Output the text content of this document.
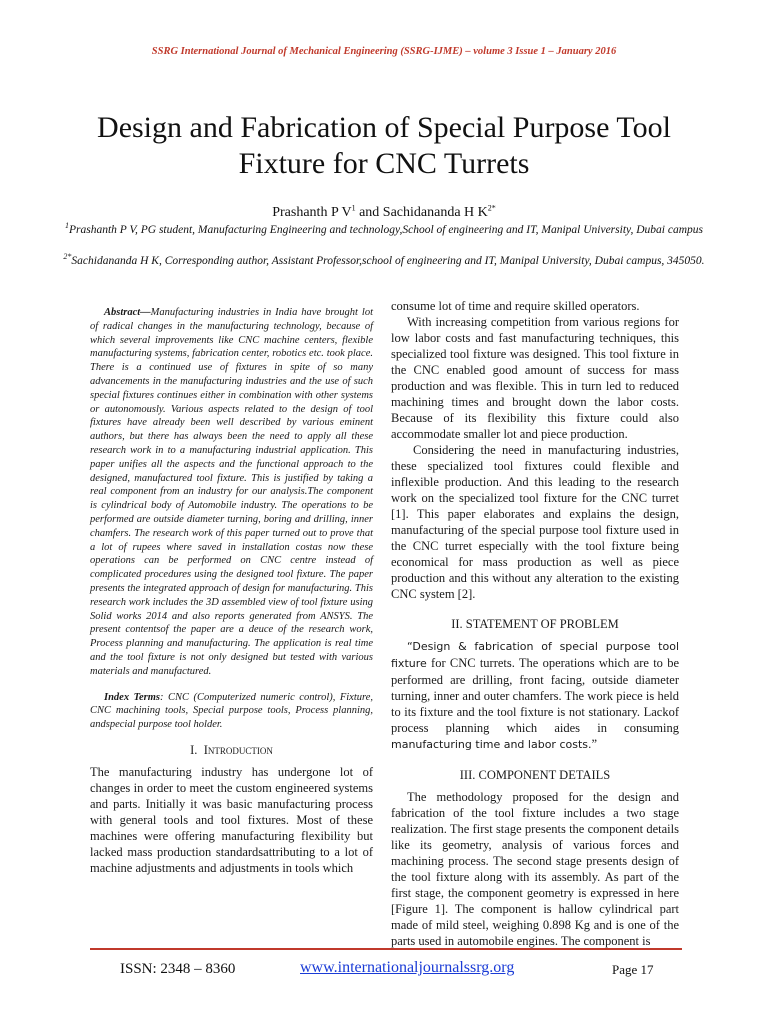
SSRG International Journal of Mechanical Engineering (SSRG-IJME) – volume 3 Issue 1 – January 2016
Design and Fabrication of Special Purpose Tool
Fixture for CNC Turrets
Prashanth P $V^1$ and Sachidananda H $K^{2*}$
$^1$Prashanth P V, PG student, Manufacturing Engineering and technology,School of engineering and IT, Manipal University, Dubai campus
$^{2*}$Sachidananda H K, Corresponding author, Assistant Professor,school of engineering and IT, Manipal University, Dubai campus, 345050.

Abstract—Manufacturing industries in India have brought lot of radical changes in the manufacturing technology, because of which several improvements like CNC machine centers, flexible manufacturing systems, fabrication center, robotics etc. took place. There is a continued use of fixtures in spite of so many advancements in the manufacturing industries and the use of such special fixtures continues either in combination with other systems or autonomously. Various aspects related to the design of tool fixtures have already been well described by various eminent authors, but there has always been the need to apply all these research work in to a manufacturing industrial application. This paper unifies all the aspects and the functional approach to the designed, manufactured tool fixture. This is justified by taking a real component from an industry for our analysis.The component is cylindrical body of Automobile industry. The operations to be performed are outside diameter turning, boring and drilling, inner chamfers. The research work of this paper turned out to prove that a lot of rupees where saved in installation costas now these operations can be performed on CNC centre instead of complicated procedures using the designed tool fixture. The paper presents the integrated approach of design for manufacturing. This research work includes the 3D assembled view of tool fixture using Solid works 2014 and also reports generated from ANSYS. The present contentsof the paper are a deuce of the research work, Process planning and manufacturing. The application is real time and the tool fixture is not only designed but tested with various materials and manufactured.

Index Terms: CNC (Computerized numeric control), Fixture, CNC machining tools, Special purpose tools, Process planning, andspecial purpose tool holder.

I. Introduction

The manufacturing industry has undergone lot of changes in order to meet the custom engineered systems and parts. Initially it was basic manufacturing process with general tools and tool fixtures. Most of these machines were offering manufacturing flexibility but lacked mass production standardsattributing to a lot of machine adjustments and adjustments in tools which

consume lot of time and require skilled operators.

With increasing competition from various regions for low labor costs and fast manufacturing techniques, this specialized tool fixture was designed. This tool fixture in the CNC enabled good amount of success for mass production and was flexible. This in turn led to reduced machining times and brought down the labor costs. Because of its flexibility this fixture could also accommodate smaller lot and piece production.

Considering the need in manufacturing industries, these specialized tool fixtures could flexible and inflexible production. And this leading to the research work on the specialized tool fixture for the CNC turret [1]. This paper elaborates and explains the design, manufacturing of the special purpose tool fixture used in the CNC turret especially with the tool fixture being economical for mass production as well as piece production and this without any alteration to the existing CNC system [2].

II. STATEMENT OF PROBLEM

“Design & fabrication of special purpose tool fixture for CNC turrets. The operations which are to be performed are drilling, front facing, outside diameter turning, inner and outer chamfers. The work piece is held to its fixture and the tool fixture is not stationary. Lackof process planning which aides in consuming manufacturing time and labor costs.”

III. COMPONENT DETAILS

The methodology proposed for the design and fabrication of the tool fixture includes a two stage realization. The first stage presents the component details like its geometry, analysis of various forces and machining process. The second stage presents design of the tool fixture along with its assembly. As part of the first stage, the component geometry is expressed in here [Figure 1]. The component is hallow cylindrical part made of mild steel, weighing 0.898 Kg and is one of the parts used in automobile engines. The component is

ISSN: 2348 – 8360	www.internationaljournalssrg.org	Page 17
